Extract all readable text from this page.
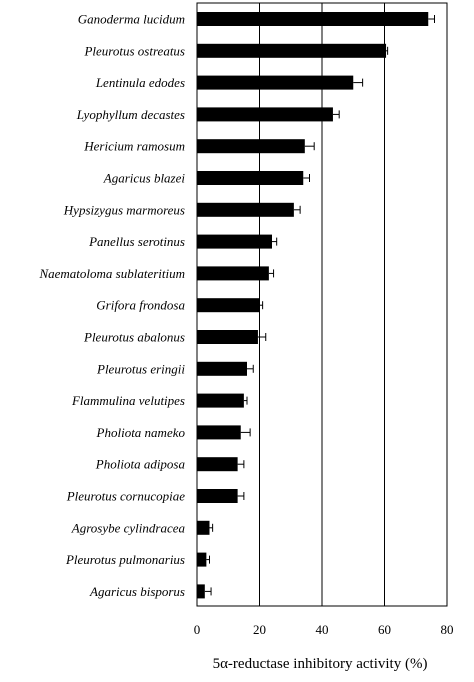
Ganoderma lucidum
Pleurotus ostreatus
Lentinula edodes
Lyophyllum decastes
Hericium ramosum
Agaricus blazei
Hypsizygus marmoreus
Panellus serotinus
Naematoloma sublateritium
Grifora frondosa
Pleurotus abalonus
Pleurotus eringii
Flammulina velutipes
Pholiota nameko
Pholiota adiposa
Pleurotus cornucopiae
Agrosybe cylindracea
Pleurotus pulmonarius
Agaricus bisporus
0	20	40	60	80
5α-reductase inhibitory activity (%)
